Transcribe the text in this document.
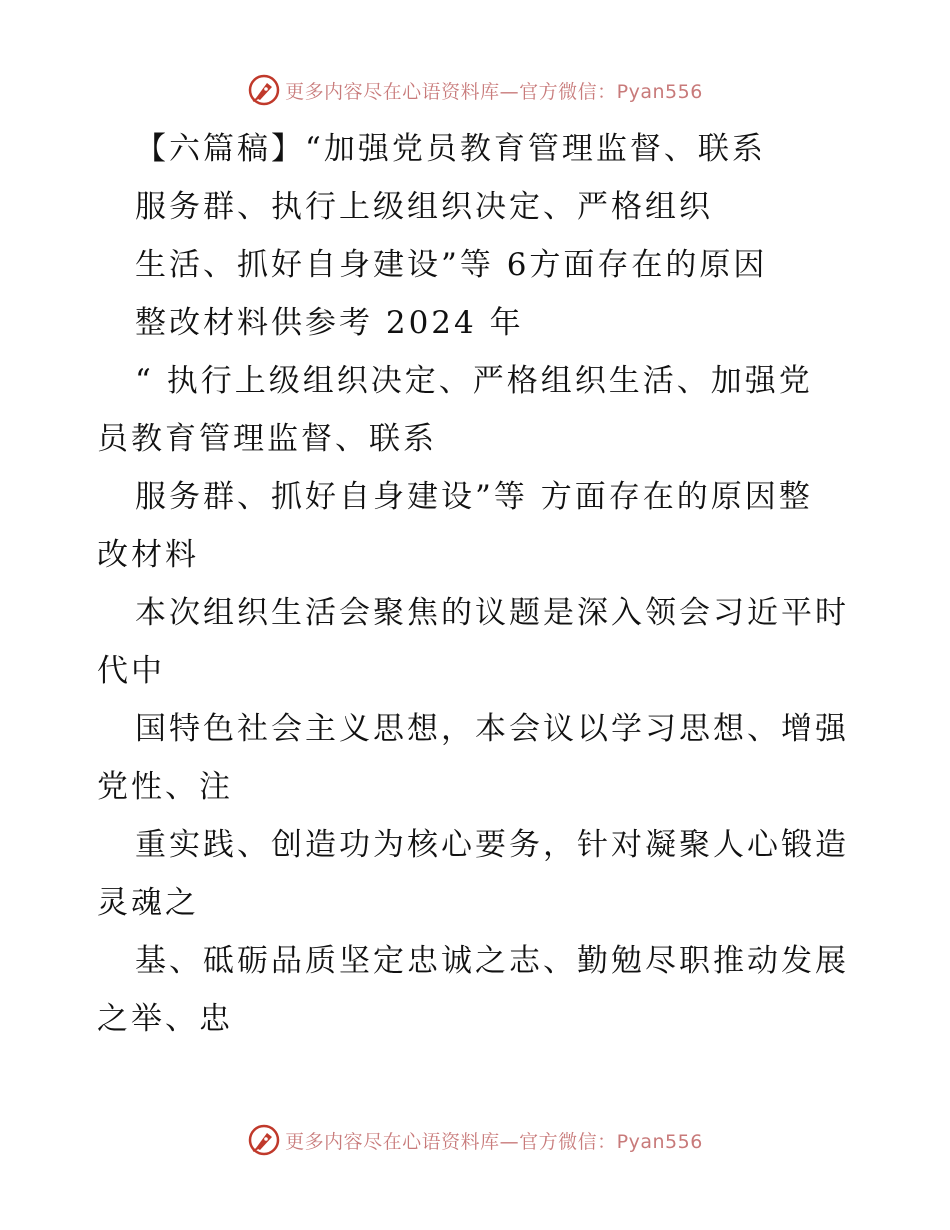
更多内容尽在心语资料库—官方微信：Pyan556
【六篇稿】“加强党员教育管理监督、联系
服务群、执行上级组织决定、严格组织
生活、抓好自身建设”等 6方面存在的原因
整改材料供参考 2024 年
“ 执行上级组织决定、严格组织生活、加强党
员教育管理监督、联系
服务群、抓好自身建设”等 方面存在的原因整
改材料
本次组织生活会聚焦的议题是深入领会习近平时
代中
国特色社会主义思想，本会议以学习思想、增强
党性、注
重实践、创造功为核心要务，针对凝聚人心锻造
灵魂之
基、砥砺品质坚定忠诚之志、勤勉尽职推动发展
之举、忠
更多内容尽在心语资料库—官方微信：Pyan556
